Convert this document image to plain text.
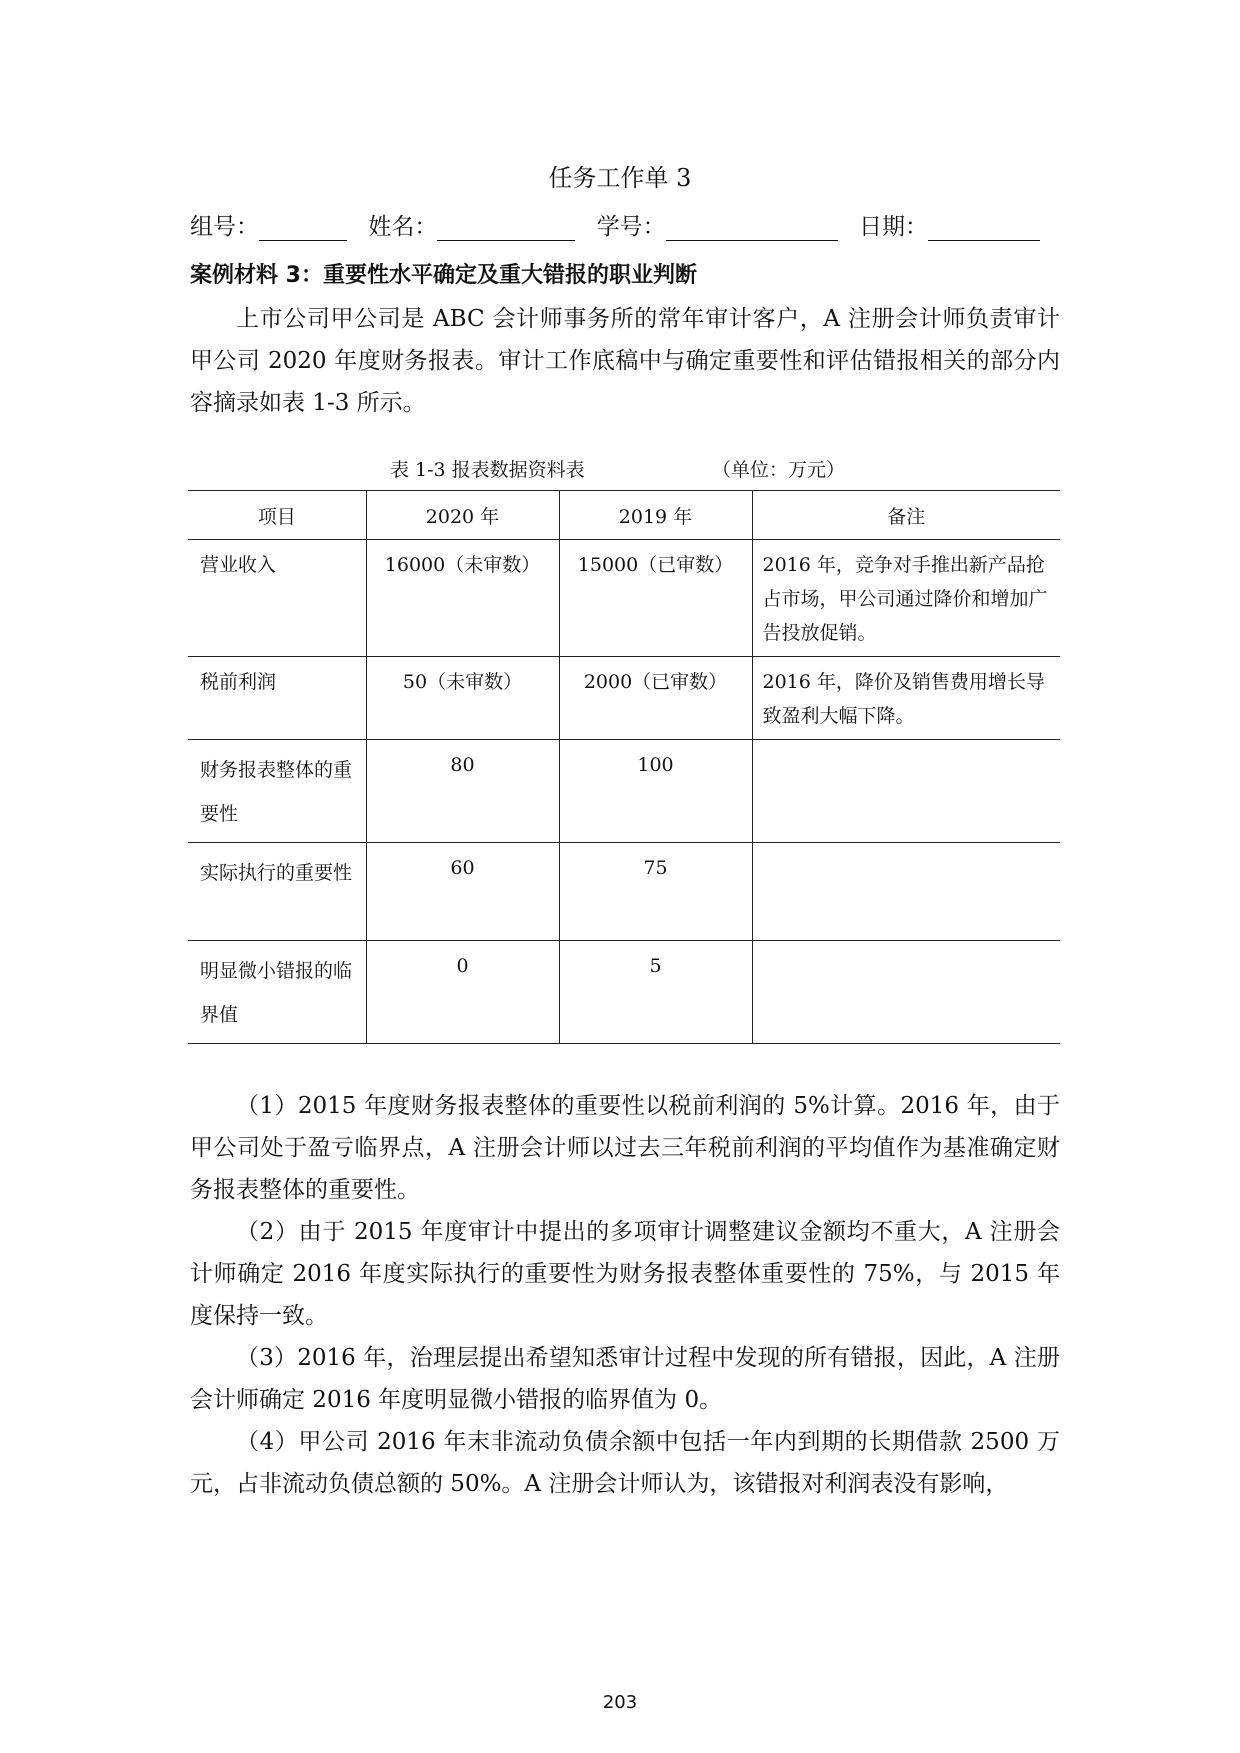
任务工作单 3
组号：	姓名：	学号：	日期：
案例材料 3：重要性水平确定及重大错报的职业判断

上市公司甲公司是 ABC 会计师事务所的常年审计客户，A 注册会计师负责审计甲公司 2020 年度财务报表。审计工作底稿中与确定重要性和评估错报相关的部分内容摘录如表 1-3 所示。

表 1-3 报表数据资料表	（单位：万元）
项目	2020 年	2019 年	备注
营业收入	16000（未审数）	15000（已审数）	2016 年，竞争对手推出新产品抢占市场，甲公司通过降价和增加广告投放促销。
税前利润	50（未审数）	2000（已审数）	2016 年，降价及销售费用增长导致盈利大幅下降。
财务报表整体的重要性	80	100	
实际执行的重要性	60	75	
明显微小错报的临界值	0	5	

（1）2015 年度财务报表整体的重要性以税前利润的 5%计算。2016 年，由于甲公司处于盈亏临界点，A 注册会计师以过去三年税前利润的平均值作为基准确定财务报表整体的重要性。

（2）由于 2015 年度审计中提出的多项审计调整建议金额均不重大，A 注册会计师确定 2016 年度实际执行的重要性为财务报表整体重要性的 75%，与 2015 年度保持一致。

（3）2016 年，治理层提出希望知悉审计过程中发现的所有错报，因此，A 注册会计师确定 2016 年度明显微小错报的临界值为 0。

（4）甲公司 2016 年末非流动负债余额中包括一年内到期的长期借款 2500 万元，占非流动负债总额的 50%。A 注册会计师认为，该错报对利润表没有影响，

203
